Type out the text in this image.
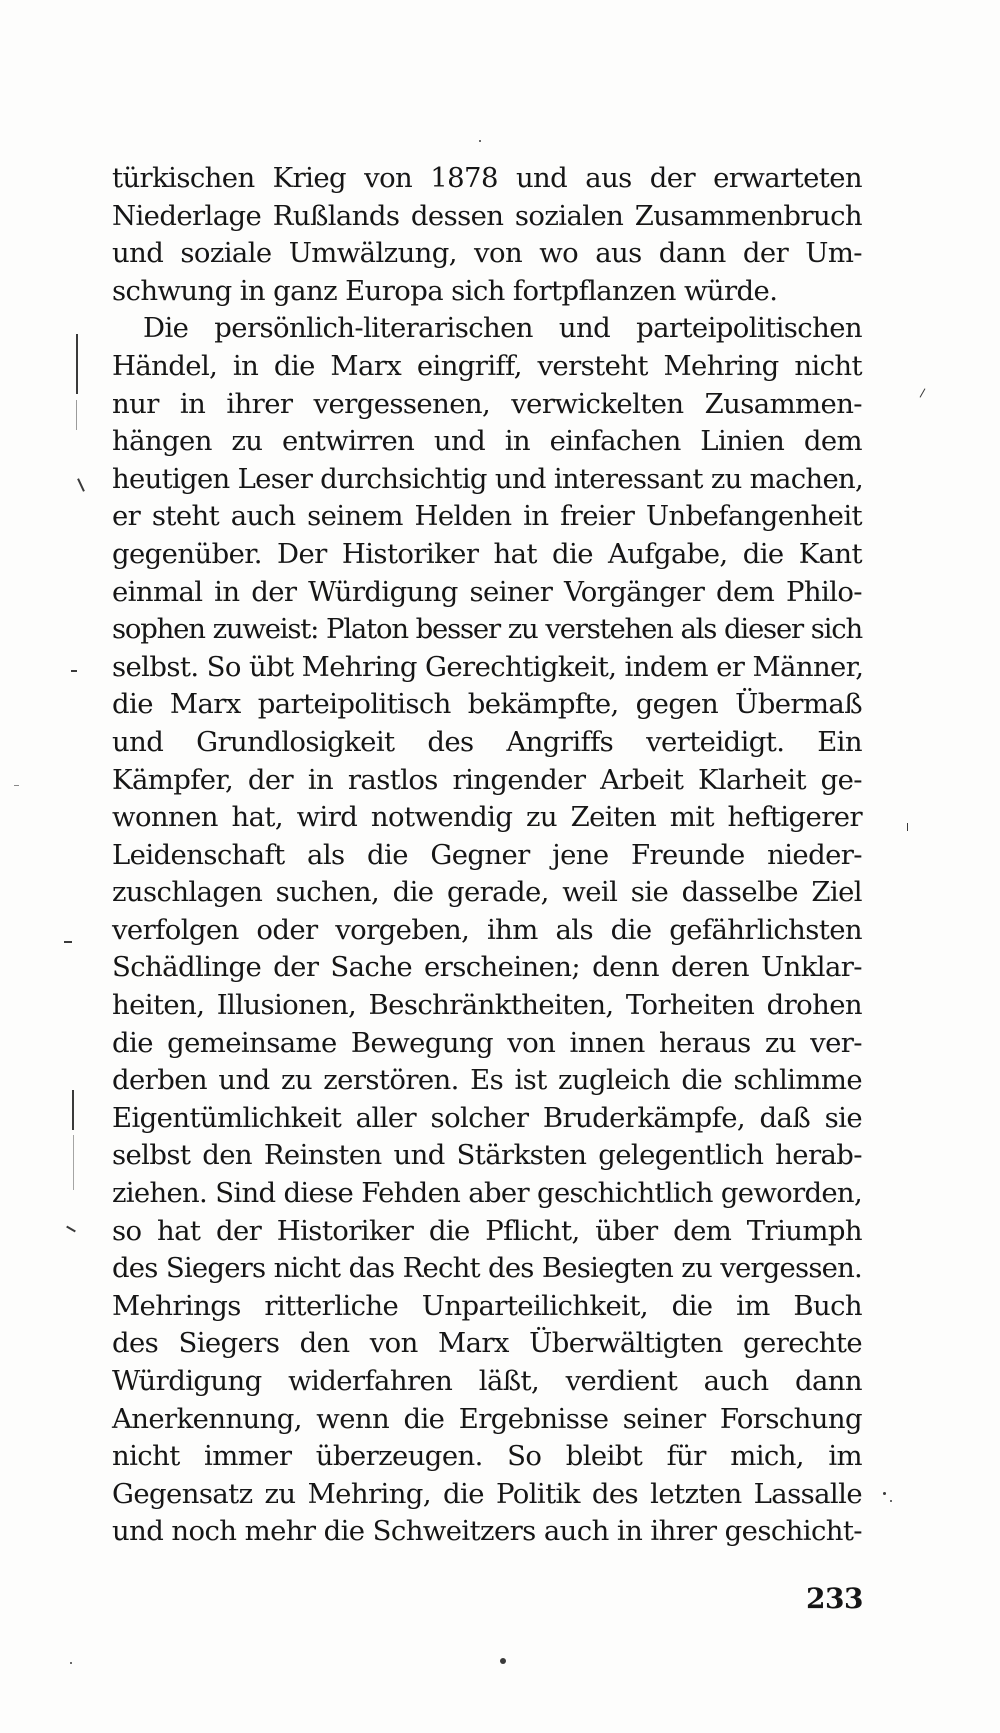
türkischen Krieg von 1878 und aus der erwarteten
Niederlage Rußlands dessen sozialen Zusammenbruch
und soziale Umwälzung, von wo aus dann der Um-
schwung in ganz Europa sich fortpflanzen würde.
Die persönlich-literarischen und parteipolitischen
Händel, in die Marx eingriff, versteht Mehring nicht
nur in ihrer vergessenen, verwickelten Zusammen-
hängen zu entwirren und in einfachen Linien dem
heutigen Leser durchsichtig und interessant zu machen,
er steht auch seinem Helden in freier Unbefangenheit
gegenüber. Der Historiker hat die Aufgabe, die Kant
einmal in der Würdigung seiner Vorgänger dem Philo-
sophen zuweist: Platon besser zu verstehen als dieser sich
selbst. So übt Mehring Gerechtigkeit, indem er Männer,
die Marx parteipolitisch bekämpfte, gegen Übermaß
und Grundlosigkeit des Angriffs verteidigt. Ein
Kämpfer, der in rastlos ringender Arbeit Klarheit ge-
wonnen hat, wird notwendig zu Zeiten mit heftigerer
Leidenschaft als die Gegner jene Freunde nieder-
zuschlagen suchen, die gerade, weil sie dasselbe Ziel
verfolgen oder vorgeben, ihm als die gefährlichsten
Schädlinge der Sache erscheinen; denn deren Unklar-
heiten, Illusionen, Beschränktheiten, Torheiten drohen
die gemeinsame Bewegung von innen heraus zu ver-
derben und zu zerstören. Es ist zugleich die schlimme
Eigentümlichkeit aller solcher Bruderkämpfe, daß sie
selbst den Reinsten und Stärksten gelegentlich herab-
ziehen. Sind diese Fehden aber geschichtlich geworden,
so hat der Historiker die Pflicht, über dem Triumph
des Siegers nicht das Recht des Besiegten zu vergessen.
Mehrings ritterliche Unparteilichkeit, die im Buch
des Siegers den von Marx Überwältigten gerechte
Würdigung widerfahren läßt, verdient auch dann
Anerkennung, wenn die Ergebnisse seiner Forschung
nicht immer überzeugen. So bleibt für mich, im
Gegensatz zu Mehring, die Politik des letzten Lassalle
und noch mehr die Schweitzers auch in ihrer geschicht-
233
